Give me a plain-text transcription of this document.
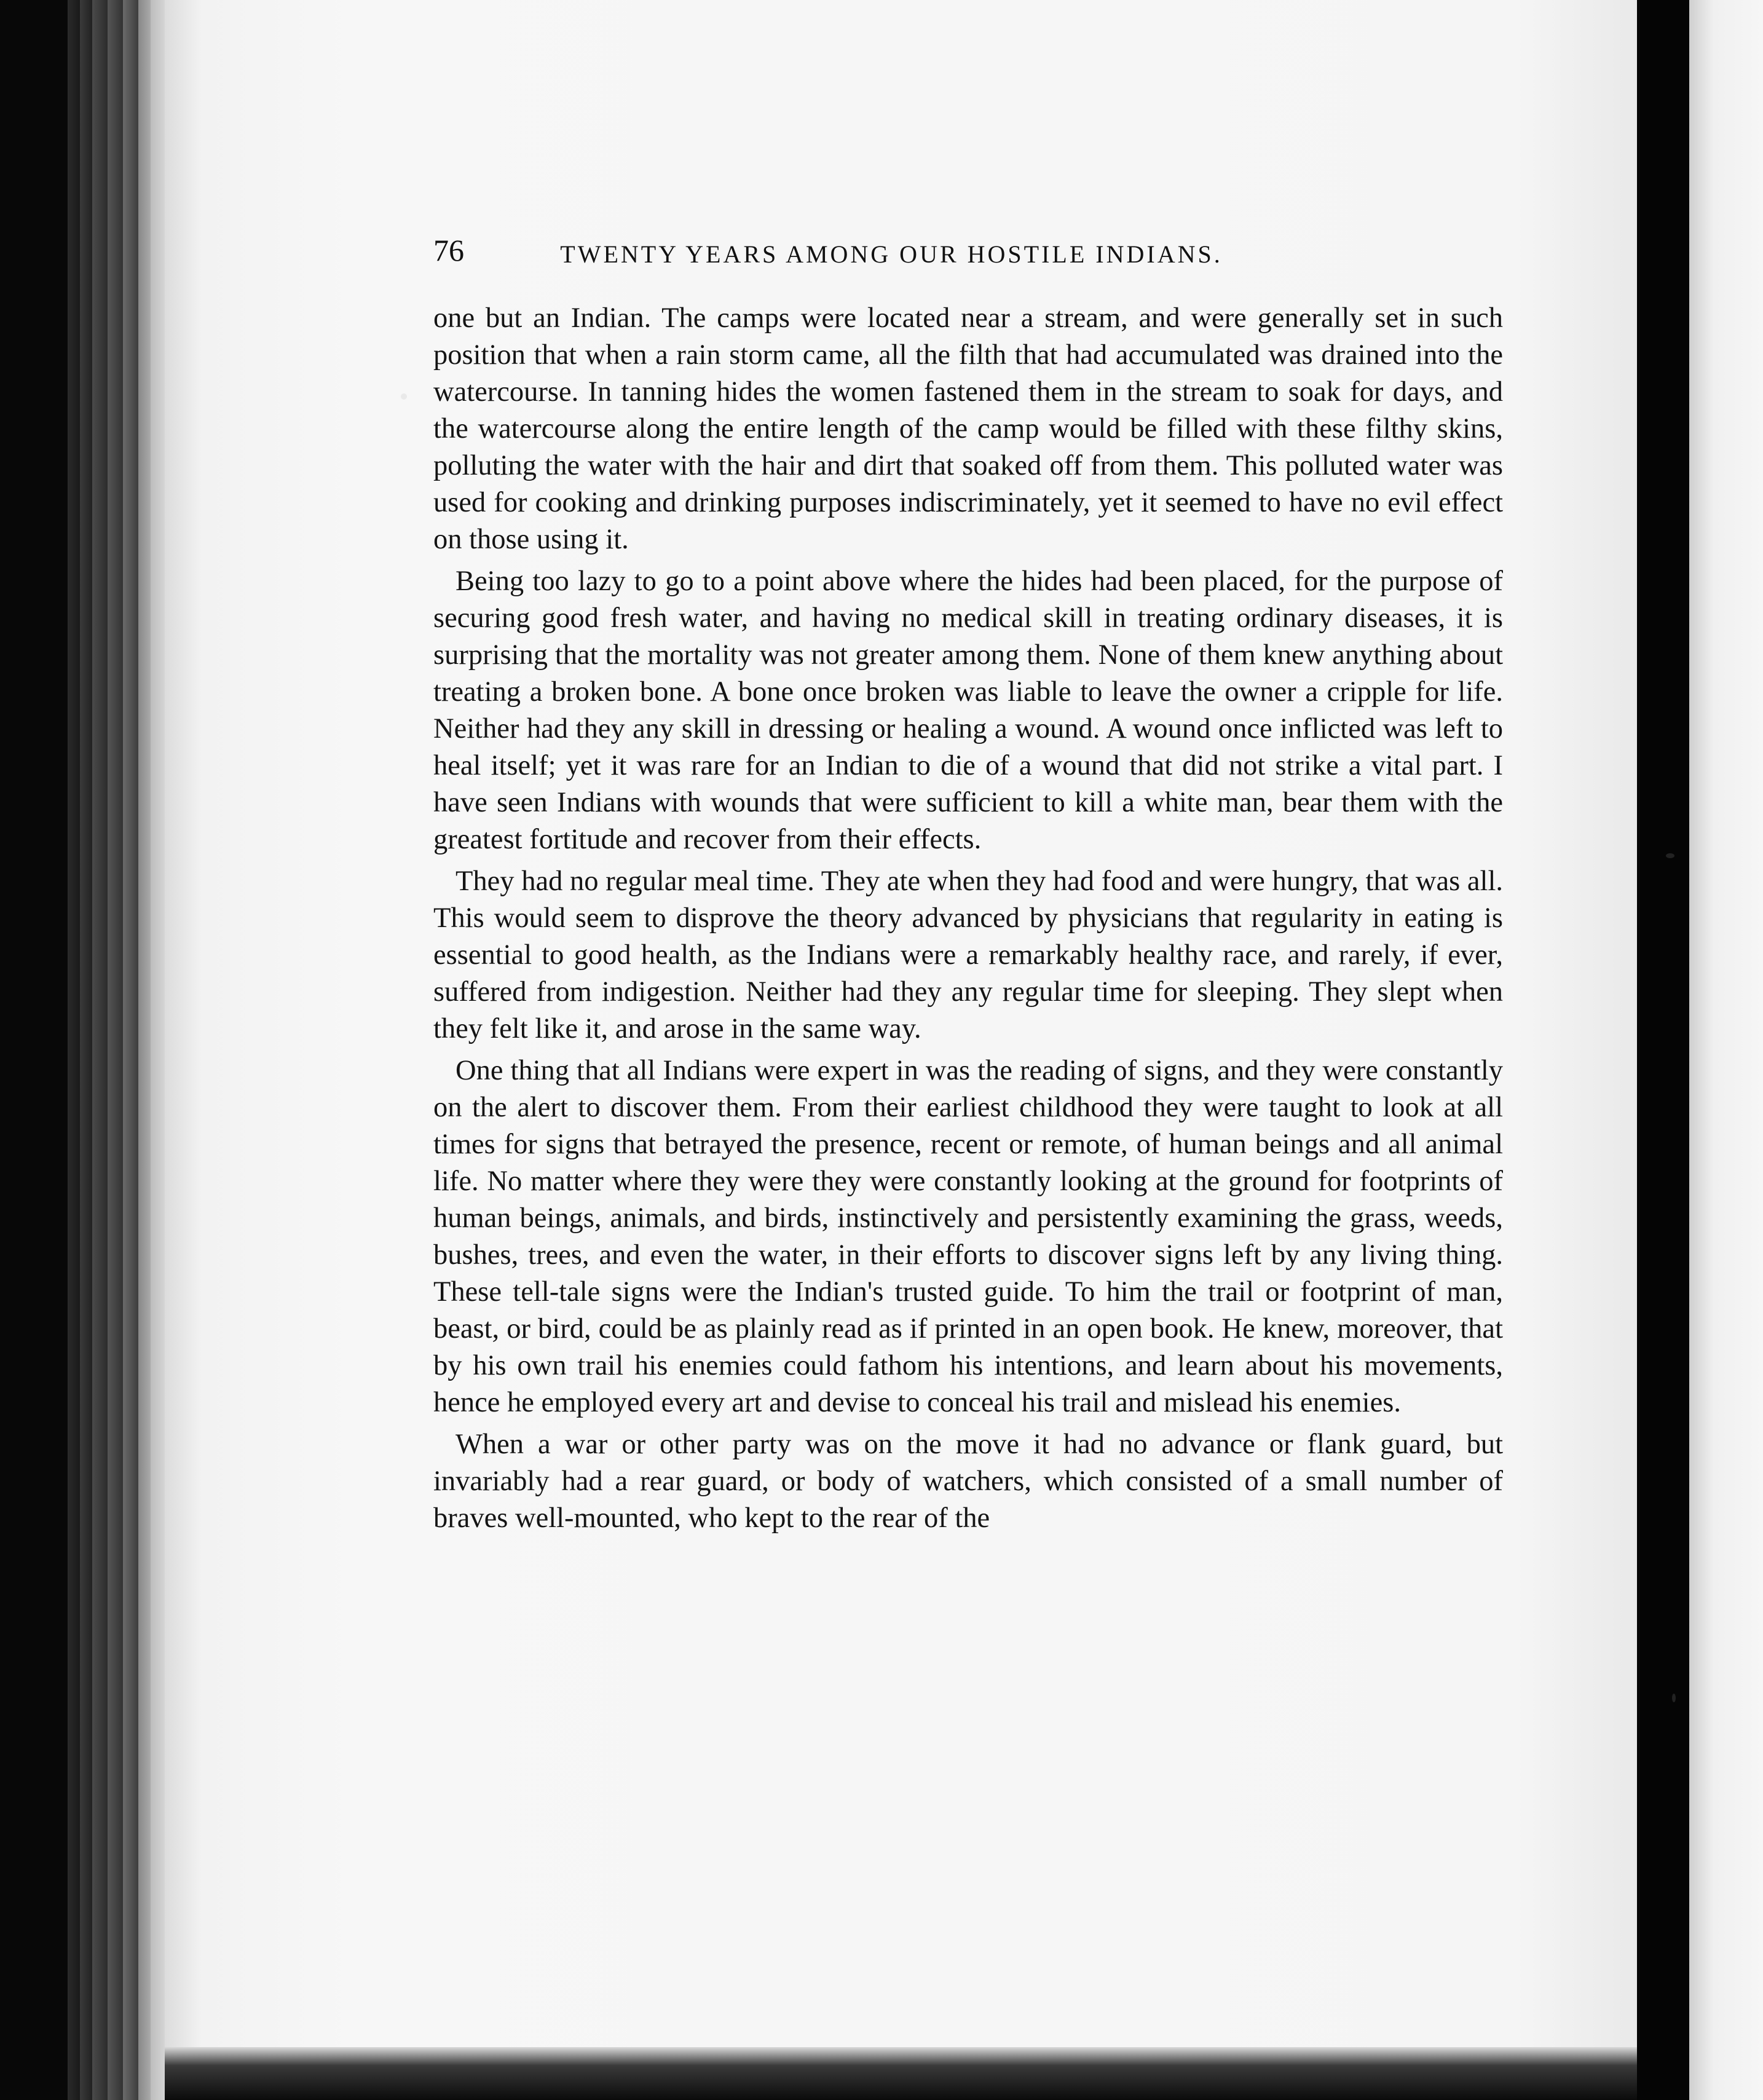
76	TWENTY YEARS AMONG OUR HOSTILE INDIANS.

one but an Indian. The camps were located near a stream, and were generally set in such position that when a rain storm came, all the filth that had accumulated was drained into the watercourse. In tanning hides the women fastened them in the stream to soak for days, and the watercourse along the entire length of the camp would be filled with these filthy skins, polluting the water with the hair and dirt that soaked off from them. This polluted water was used for cooking and drinking purposes indiscriminately, yet it seemed to have no evil effect on those using it.

Being too lazy to go to a point above where the hides had been placed, for the purpose of securing good fresh water, and having no medical skill in treating ordinary diseases, it is surprising that the mortality was not greater among them. None of them knew anything about treating a broken bone. A bone once broken was liable to leave the owner a cripple for life. Neither had they any skill in dressing or healing a wound. A wound once inflicted was left to heal itself; yet it was rare for an Indian to die of a wound that did not strike a vital part. I have seen Indians with wounds that were sufficient to kill a white man, bear them with the greatest fortitude and recover from their effects.

They had no regular meal time. They ate when they had food and were hungry, that was all. This would seem to disprove the theory advanced by physicians that regularity in eating is essential to good health, as the Indians were a remarkably healthy race, and rarely, if ever, suffered from indigestion. Neither had they any regular time for sleeping. They slept when they felt like it, and arose in the same way.

One thing that all Indians were expert in was the reading of signs, and they were constantly on the alert to discover them. From their earliest childhood they were taught to look at all times for signs that betrayed the presence, recent or remote, of human beings and all animal life. No matter where they were they were constantly looking at the ground for footprints of human beings, animals, and birds, instinctively and persistently examining the grass, weeds, bushes, trees, and even the water, in their efforts to discover signs left by any living thing. These tell-tale signs were the Indian's trusted guide. To him the trail or footprint of man, beast, or bird, could be as plainly read as if printed in an open book. He knew, moreover, that by his own trail his enemies could fathom his intentions, and learn about his movements, hence he employed every art and devise to conceal his trail and mislead his enemies.

When a war or other party was on the move it had no advance or flank guard, but invariably had a rear guard, or body of watchers, which consisted of a small number of braves well-mounted, who kept to the rear of the
